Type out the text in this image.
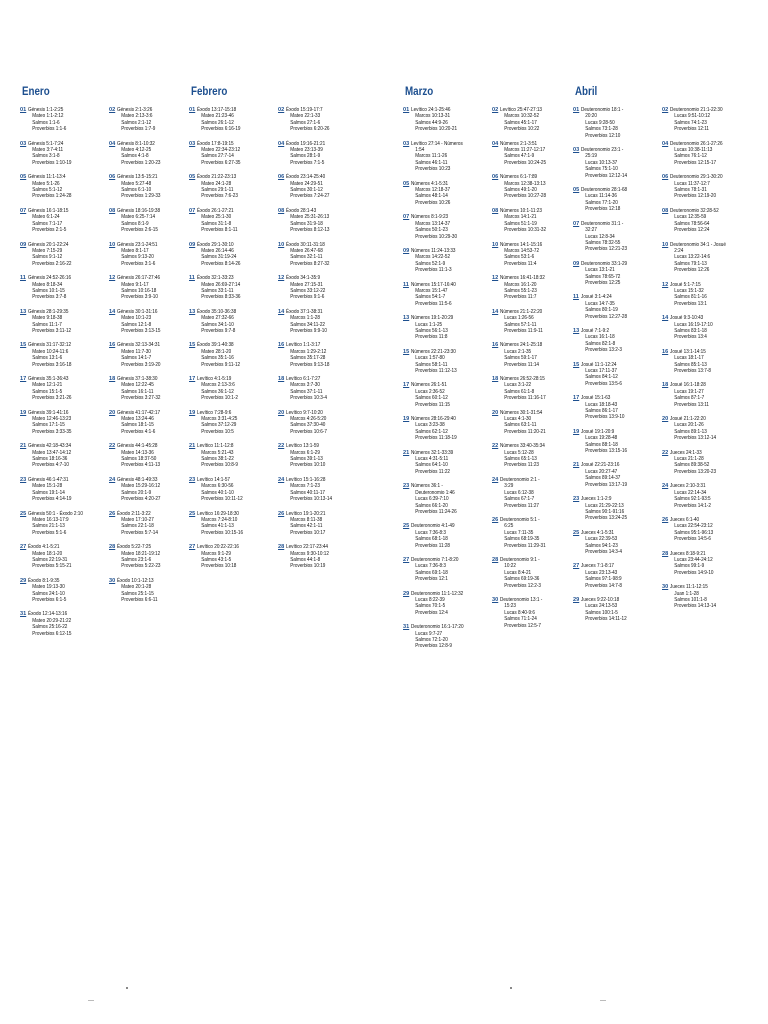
Enero
01 Génesis 1:1-2:25
Mateo 1:1-2:12
Salmos 1:1-6
Proverbios 1:1-6
03 Génesis 5:1-7:24
Mateo 3:7-4:11
Salmos 3:1-8
Proverbios 1:10-19
05 Génesis 11:1-13:4
Mateo 5:1-26
Salmos 5:1-12
Proverbios 1:24-28
07 Génesis 16:1-18:15
Mateo 6:1-24
Salmos 7:1-17
Proverbios 2:1-5
09 Génesis 20:1-22:24
Mateo 7:15-29
Salmos 9:1-12
Proverbios 2:16-22
11 Génesis 24:52-26:16
Mateo 8:18-34
Salmos 10:1-15
Proverbios 3:7-8
13 Génesis 28:1-29:35
Mateo 9:18-38
Salmos 11:1-7
Proverbios 3:11-12
15 Génesis 31:17-32:12
Mateo 10:24-11:6
Salmos 13:1-6
Proverbios 3:16-18
17 Génesis 35:1-36:43
Mateo 12:1-21
Salmos 15:1-5
Proverbios 3:21-26
19 Génesis 39:1-41:16
Mateo 12:46-13:23
Salmos 17:1-15
Proverbios 3:33-35
21 Génesis 42:18-43:34
Mateo 13:47-14:12
Salmos 18:16-36
Proverbios 4:7-10
23 Génesis 46:1-47:31
Mateo 15:1-28
Salmos 19:1-14
Proverbios 4:14-19
25 Génesis 50:1 - Éxodo 2:10
Mateo 16:13-17:9
Salmos 21:1-13
Proverbios 5:1-6
27 Éxodo 4:1-5:21
Mateo 18:1-20
Salmos 22:19-31
Proverbios 5:15-21
29 Éxodo 8:1-9:35
Mateo 19:13-30
Salmos 24:1-10
Proverbios 6:1-5
31 Éxodo 12:14-13:16
Mateo 20:29-21:22
Salmos 25:16-22
Proverbios 6:12-15
02 Génesis 2:1-3:26
Mateo 2:13-3:6
Salmos 2:1-12
Proverbios 1:7-9
04 Génesis 8:1-10:32
Mateo 4:12-25
Salmos 4:1-8
Proverbios 1:20-23
06 Génesis 13:5-15:21
Mateo 5:27-48
Salmos 6:1-10
Proverbios 1:29-33
08 Génesis 18:16-19:38
Mateo 6:25-7:14
Salmos 8:1-9
Proverbios 2:6-15
10 Génesis 23:1-24:51
Mateo 8:1-17
Salmos 9:13-20
Proverbios 3:1-6
12 Génesis 26:17-27:46
Mateo 9:1-17
Salmos 10:16-18
Proverbios 3:9-10
14 Génesis 30:1-31:16
Mateo 10:1-23
Salmos 12:1-8
Proverbios 3:13-15
16 Génesis 32:13-34:31
Mateo 11:7-30
Salmos 14:1-7
Proverbios 3:19-20
18 Génesis 37:1-38:30
Mateo 12:22-45
Salmos 16:1-11
Proverbios 3:27-32
20 Génesis 41:17-42:17
Mateo 13:24-46
Salmos 18:1-15
Proverbios 4:1-6
22 Génesis 44:1-45:28
Mateo 14:13-36
Salmos 18:37-50
Proverbios 4:11-13
24 Génesis 48:1-49:33
Mateo 15:29-16:12
Salmos 20:1-9
Proverbios 4:20-27
26 Éxodo 2:11-3:22
Mateo 17:10-27
Salmos 22:1-18
Proverbios 5:7-14
28 Éxodo 5:22-7:25
Mateo 18:21-19:12
Salmos 23:1-6
Proverbios 5:22-23
30 Éxodo 10:1-12:13
Mateo 20:1-28
Salmos 25:1-15
Proverbios 6:6-11
Febrero
01 Éxodo 13:17-15:18
Mateo 21:23-46
Salmos 26:1-12
Proverbios 6:16-19
03 Éxodo 17:8-19:15
Mateo 22:34-23:12
Salmos 27:7-14
Proverbios 6:27-35
05 Éxodo 21:22-23:13
Mateo 24:1-28
Salmos 29:1-11
Proverbios 7:6-23
07 Éxodo 26:1-27:21
Mateo 25:1-30
Salmos 31:1-8
Proverbios 8:1-11
09 Éxodo 29:1-30:10
Mateo 26:14-46
Salmos 31:19-24
Proverbios 8:14-26
11 Éxodo 32:1-33:23
Mateo 26:69-27:14
Salmos 33:1-11
Proverbios 8:33-36
13 Éxodo 35:10-36:38
Mateo 27:32-66
Salmos 34:1-10
Proverbios 9:7-8
15 Éxodo 39:1-40:38
Mateo 28:1-20
Salmos 35:1-16
Proverbios 9:11-12
17 Levítico 4:1-5:19
Marcos 2:13-3:6
Salmos 36:1-12
Proverbios 10:1-2
19 Levítico 7:28-9:6
Marcos 3:31-4:25
Salmos 37:12-29
Proverbios 10:5
21 Levítico 11:1-12:8
Marcos 5:21-43
Salmos 38:1-22
Proverbios 10:8-9
23 Levítico 14:1-57
Marcos 6:30-56
Salmos 40:1-10
Proverbios 10:11-12
25 Levítico 16:29-18:30
Marcos 7:24-8:10
Salmos 41:1-13
Proverbios 10:15-16
27 Levítico 20:22-22:16
Marcos 9:1-29
Salmos 43:1-5
Proverbios 10:18
02 Éxodo 15:19-17:7
Mateo 22:1-33
Salmos 27:1-6
Proverbios 6:20-26
04 Éxodo 19:16-21:21
Mateo 23:13-39
Salmos 28:1-9
Proverbios 7:1-5
06 Éxodo 23:14-25:40
Mateo 24:29-51
Salmos 30:1-12
Proverbios 7:24-27
08 Éxodo 28:1-43
Mateo 25:31-26:13
Salmos 31:9-18
Proverbios 8:12-13
10 Éxodo 30:11-31:18
Mateo 26:47-68
Salmos 32:1-11
Proverbios 8:27-32
12 Éxodo 34:1-35:9
Mateo 27:15-31
Salmos 33:12-22
Proverbios 9:1-6
14 Éxodo 37:1-38:31
Marcos 1:1-28
Salmos 34:11-22
Proverbios 9:9-10
16 Levítico 1:1-3:17
Marcos 1:29-2:12
Salmos 35:17-28
Proverbios 9:13-18
18 Levítico 6:1-7:27
Marcos 3:7-30
Salmos 37:1-11
Proverbios 10:3-4
20 Levítico 9:7-10:20
Marcos 4:26-5:20
Salmos 37:30-40
Proverbios 10:6-7
22 Levítico 13:1-59
Marcos 6:1-29
Salmos 39:1-13
Proverbios 10:10
24 Levítico 15:1-16:28
Marcos 7:1-23
Salmos 40:11-17
Proverbios 10:13-14
26 Levítico 19:1-20:21
Marcos 8:11-38
Salmos 42:1-11
Proverbios 10:17
28 Levítico 22:17-23:44
Marcos 9:30-10:12
Salmos 44:1-8
Proverbios 10:19
Marzo
01 Levítico 24:1-25:46
Marcos 10:13-31
Salmos 44:9-26
Proverbios 10:20-21
03 Levítico 27:14 - Números
1:54
Marcos 11:1-26
Salmos 46:1-11
Proverbios 10:23
05 Números 4:1-5:31
Marcos 12:18-37
Salmos 48:1-14
Proverbios 10:26
07 Números 8:1-9:23
Marcos 13:14-37
Salmos 50:1-23
Proverbios 10:29-30
09 Números 11:24-13:33
Marcos 14:22-52
Salmos 52:1-9
Proverbios 11:1-3
11 Números 15:17-16:40
Marcos 15:1-47
Salmos 54:1-7
Proverbios 11:5-6
13 Números 19:1-20:29
Lucas 1:1-25
Salmos 56:1-13
Proverbios 11:8
15 Números 22:21-23:30
Lucas 1:57-80
Salmos 58:1-11
Proverbios 11:12-13
17 Números 26:1-51
Lucas 2:36-52
Salmos 60:1-12
Proverbios 11:15
19 Números 28:16-29:40
Lucas 3:23-38
Salmos 62:1-12
Proverbios 11:18-19
21 Números 32:1-33:39
Lucas 4:31-5:11
Salmos 64:1-10
Proverbios 11:22
23 Números 36:1 -
Deuteronomio 1:46
Lucas 6:39-7:10
Salmos 66:1-20
Proverbios 11:24-26
25 Deuteronomio 4:1-49
Lucas 7:36-8:3
Salmos 68:1-18
Proverbios 11:28
27 Deuteronomio 7:1-8:20
Lucas 7:36-8:3
Salmos 69:1-18
Proverbios 12:1
29 Deuteronomio 11:1-12:32
Lucas 8:22-39
Salmos 70:1-5
Proverbios 12:4
31 Deuteronomio 16:1-17:20
Lucas 9:7-27
Salmos 72:1-20
Proverbios 12:8-9
02 Levítico 25:47-27:13
Marcos 10:32-52
Salmos 45:1-17
Proverbios 10:22
04 Números 2:1-3:51
Marcos 11:27-12:17
Salmos 47:1-9
Proverbios 10:24-25
06 Números 6:1-7:89
Marcos 12:38-13:13
Salmos 49:1-20
Proverbios 10:27-28
08 Números 10:1-11:23
Marcos 14:1-21
Salmos 51:1-19
Proverbios 10:31-32
10 Números 14:1-15:16
Marcos 14:53-72
Salmos 53:1-6
Proverbios 11:4
12 Números 16:41-18:32
Marcos 16:1-20
Salmos 55:1-23
Proverbios 11:7
14 Números 21:1-22:20
Lucas 1:26-56
Salmos 57:1-11
Proverbios 11:9-11
16 Números 24:1-25:18
Lucas 2:1-35
Salmos 59:1-17
Proverbios 11:14
18 Números 26:52-28:15
Lucas 3:1-22
Salmos 61:1-8
Proverbios 11:16-17
20 Números 30:1-31:54
Lucas 4:1-30
Salmos 63:1-11
Proverbios 11:20-21
22 Números 33:40-35:34
Lucas 5:12-28
Salmos 65:1-13
Proverbios 11:23
24 Deuteronomio 2:1 -
3:29
Lucas 6:12-38
Salmos 67:1-7
Proverbios 11:27
26 Deuteronomio 5:1 -
6:25
Lucas 7:11-35
Salmos 68:19-35
Proverbios 11:29-31
28 Deuteronomio 9:1 -
10:22
Lucas 8:4-21
Salmos 69:19-36
Proverbios 12:2-3
30 Deuteronomio 13:1 -
15:23
Lucas 8:40-9:6
Salmos 71:1-24
Proverbios 12:5-7
Abril
01 Deuteronomio 18:1 -
20:20
Lucas 9:28-50
Salmos 73:1-28
Proverbios 12:10
03 Deuteronomio 23:1 -
25:19
Lucas 10:13-37
Salmos 75:1-10
Proverbios 12:12-14
05 Deuteronomio 28:1-68
Lucas 11:14-36
Salmos 77:1-20
Proverbios 12:18
07 Deuteronomio 31:1 -
32:27
Lucas 12:8-34
Salmos 78:32-55
Proverbios 12:21-23
09 Deuteronomio 33:1-29
Lucas 13:1-21
Salmos 78:65-72
Proverbios 12:25
11 Josué 3:1-4:24
Lucas 14:7-35
Salmos 80:1-19
Proverbios 12:27-28
13 Josué 7:1-9:2
Lucas 16:1-18
Salmos 82:1-8
Proverbios 13:2-3
15 Josué 11:1-12:24
Lucas 17:11-37
Salmos 84:1-12
Proverbios 13:5-6
17 Josué 15:1-63
Lucas 18:18-43
Salmos 86:1-17
Proverbios 13:9-10
19 Josué 19:1-20:9
Lucas 19:28-48
Salmos 88:1-18
Proverbios 13:15-16
21 Josué 22:21-23:16
Lucas 20:27-47
Salmos 89:14-37
Proverbios 13:17-19
23 Jueces 1:1-2:9
Lucas 21:29-22:13
Salmos 90:1-91:16
Proverbios 13:24-25
25 Jueces 4:1-5:31
Lucas 22:39-53
Salmos 94:1-23
Proverbios 14:3-4
27 Jueces 7:1-8:17
Lucas 23:13-43
Salmos 97:1-98:9
Proverbios 14:7-8
29 Jueces 9:22-10:18
Lucas 24:13-53
Salmos 100:1-5
Proverbios 14:11-12
02 Deuteronomio 21:1-22:30
Lucas 9:51-10:12
Salmos 74:1-23
Proverbios 12:11
04 Deuteronomio 26:1-27:26
Lucas 10:38-11:13
Salmos 76:1-12
Proverbios 12:15-17
06 Deuteronomio 29:1-30:20
Lucas 11:37-12:7
Salmos 78:1-31
Proverbios 12:19-20
08 Deuteronomio 32:28-52
Lucas 12:35-59
Salmos 78:56-64
Proverbios 12:24
10 Deuteronomio 34:1 - Josué
2:24
Lucas 13:22-14:6
Salmos 79:1-13
Proverbios 12:26
12 Josué 5:1-7:15
Lucas 15:1-32
Salmos 81:1-16
Proverbios 13:1
14 Josué 9:3-10:43
Lucas 16:19-17:10
Salmos 83:1-18
Proverbios 13:4
16 Josué 13:1-14:15
Lucas 18:1-17
Salmos 85:1-13
Proverbios 13:7-8
18 Josué 16:1-18:28
Lucas 19:1-27
Salmos 87:1-7
Proverbios 13:11
20 Josué 21:1-22:20
Lucas 20:1-26
Salmos 89:1-13
Proverbios 13:12-14
22 Jueces 24:1-33
Lucas 21:1-28
Salmos 89:38-52
Proverbios 13:20-23
24 Jueces 2:10-3:31
Lucas 22:14-34
Salmos 92:1-93:5
Proverbios 14:1-2
26 Jueces 6:1-40
Lucas 22:54-23:12
Salmos 95:1-96:13
Proverbios 14:5-6
28 Jueces 8:18-9:21
Lucas 23:44-24:12
Salmos 99:1-9
Proverbios 14:9-10
30 Jueces 11:1-12:15
Juan 1:1-28
Salmos 101:1-8
Proverbios 14:13-14
